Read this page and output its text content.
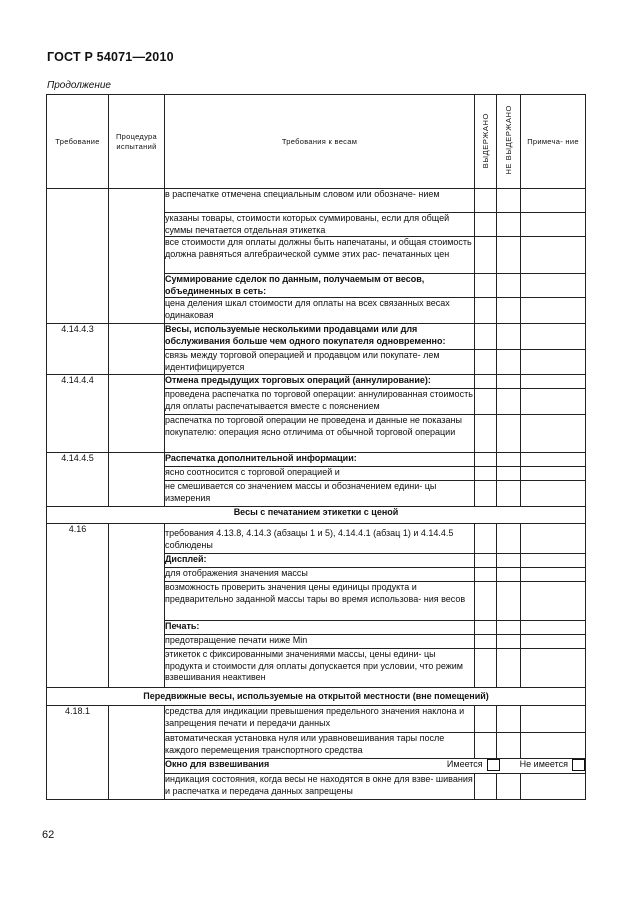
ГОСТ Р 54071—2010
Продолжение
Требование	Процедура испытаний	Требования к весам	ВЫДЕРЖАНО	НЕ ВЫДЕРЖАНО	Примеча- ние
		в распечатке отмечена специальным словом или обозначе- нием			
		указаны товары, стоимости которых суммированы, если для общей суммы печатается отдельная этикетка			
		все стоимости для оплаты должны быть напечатаны, и общая стоимость должна равняться алгебраической сумме этих рас- печатанных цен			
		Суммирование сделок по данным, получаемым от весов, объединенных в сеть:			
		цена деления шкал стоимости для оплаты на всех связанных весах одинаковая			
4.14.4.3		Весы, используемые несколькими продавцами или для обслуживания больше чем одного покупателя одновременно:			
		связь между торговой операцией и продавцом или покупате- лем идентифицируется			
4.14.4.4		Отмена предыдущих торговых операций (аннулирование):			
		проведена распечатка по торговой операции: аннулированная стоимость для оплаты распечатывается вместе с пояснением			
		распечатка по торговой операции не проведена и данные не показаны покупателю: операция ясно отличима от обычной торговой операции			
4.14.4.5		Распечатка дополнительной информации:			
		ясно соотносится с торговой операцией и			
		не смешивается со значением массы и обозначением едини- цы измерения			
Весы с печатанием этикетки с ценой					
4.16		требования 4.13.8, 4.14.3 (абзацы 1 и 5), 4.14.4.1 (абзац 1) и 4.14.4.5 соблюдены			
		Дисплей:			
		для отображения значения массы			
		возможность проверить значения цены единицы продукта и предварительно заданной массы тары во время использова- ния весов			
		Печать:			
		предотвращение печати ниже Min			
		этикеток с фиксированными значениями массы, цены едини- цы продукта и стоимости для оплаты допускается при условии, что режим взвешивания неактивен			
Передвижные весы, используемые на открытой местности (вне помещений)					
4.18.1		средства для индикации превышения предельного значения наклона и запрещения печати и передачи данных			
		автоматическая установка нуля или уравновешивания тары после каждого перемещения транспортного средства			

		Окно для взвешивания Имеется Не имеется			

		индикация состояния, когда весы не находятся в окне для взве- шивания и распечатка и передача данных запрещены			
62
